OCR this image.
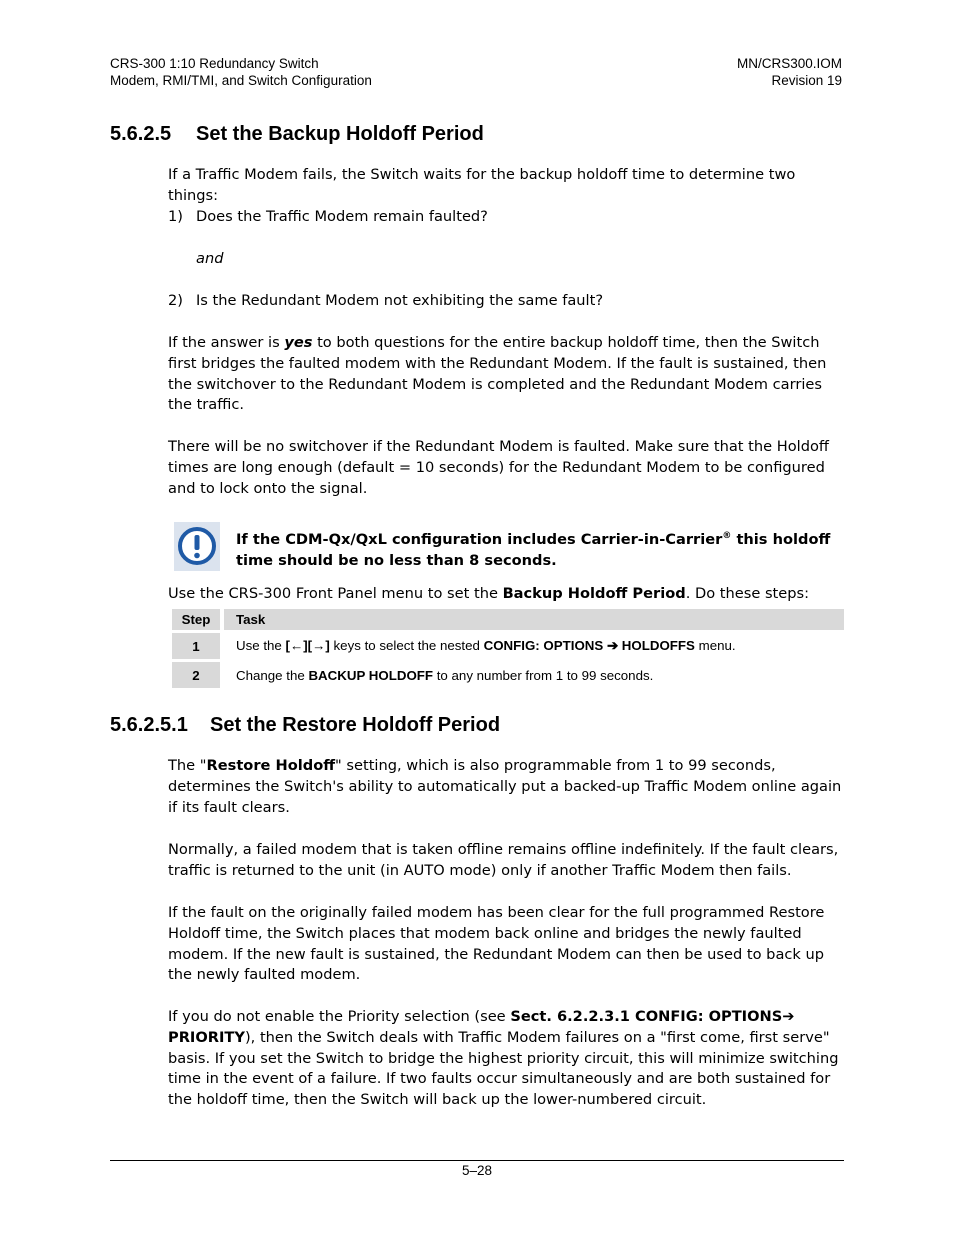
CRS-300 1:10 Redundancy Switch
Modem, RMI/TMI, and Switch Configuration
MN/CRS300.IOM
Revision 19
5.6.2.5 Set the Backup Holdoff Period
If a Traffic Modem fails, the Switch waits for the backup holdoff time to determine two things:
1) Does the Traffic Modem remain faulted?
and
2) Is the Redundant Modem not exhibiting the same fault?
If the answer is yes to both questions for the entire backup holdoff time, then the Switch first bridges the faulted modem with the Redundant Modem. If the fault is sustained, then the switchover to the Redundant Modem is completed and the Redundant Modem carries the traffic.
There will be no switchover if the Redundant Modem is faulted. Make sure that the Holdoff times are long enough (default = 10 seconds) for the Redundant Modem to be configured and to lock onto the signal.
If the CDM-Qx/QxL configuration includes Carrier-in-Carrier® this holdoff time should be no less than 8 seconds.
Use the CRS-300 Front Panel menu to set the Backup Holdoff Period. Do these steps:
Step		Task
1		Use the [←][→] keys to select the nested CONFIG: OPTIONS ➔ HOLDOFFS menu.
2		Change the BACKUP HOLDOFF to any number from 1 to 99 seconds.
5.6.2.5.1 Set the Restore Holdoff Period
The "Restore Holdoff" setting, which is also programmable from 1 to 99 seconds, determines the Switch's ability to automatically put a backed-up Traffic Modem online again if its fault clears.
Normally, a failed modem that is taken offline remains offline indefinitely. If the fault clears, traffic is returned to the unit (in AUTO mode) only if another Traffic Modem then fails.
If the fault on the originally failed modem has been clear for the full programmed Restore Holdoff time, the Switch places that modem back online and bridges the newly faulted modem. If the new fault is sustained, the Redundant Modem can then be used to back up the newly faulted modem.
If you do not enable the Priority selection (see Sect. 6.2.2.3.1 CONFIG: OPTIONS➔ PRIORITY), then the Switch deals with Traffic Modem failures on a "first come, first serve" basis. If you set the Switch to bridge the highest priority circuit, this will minimize switching time in the event of a failure. If two faults occur simultaneously and are both sustained for the holdoff time, then the Switch will back up the lower-numbered circuit.
5–28
